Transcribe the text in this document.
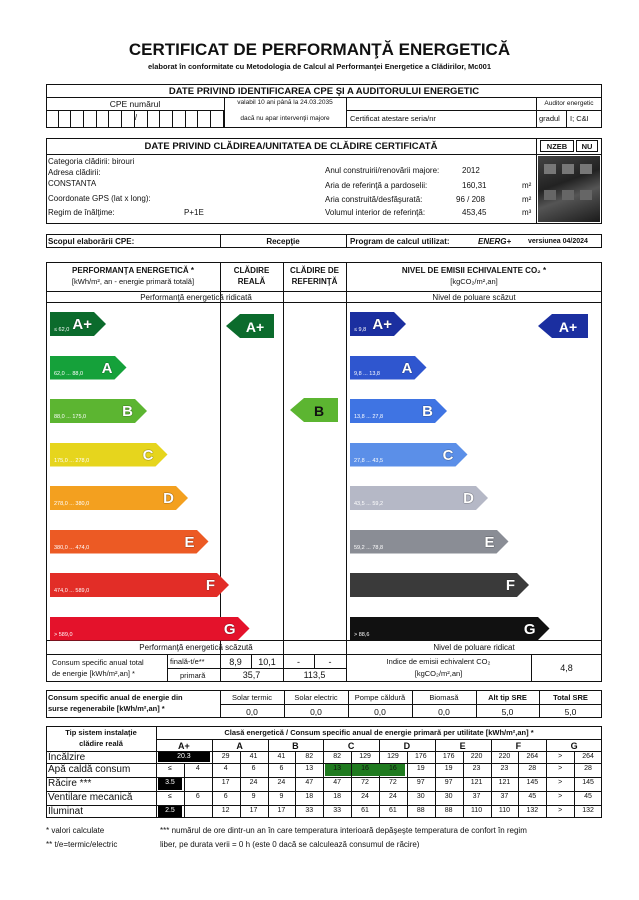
CERTIFICAT DE PERFORMANŢĂ ENERGETICĂ
elaborat în conformitate cu Metodologia de Calcul al Performanţei Energetice a Clădirilor, Mc001
DATE PRIVIND IDENTIFICAREA CPE ŞI A AUDITORULUI ENERGETIC
CPE numărul
/
valabil 10 ani până la 24.03.2035
dacă nu apar intervenţii majore	Certificat atestare seria/nr
Auditor energetic
gradul I; C&I
DATE PRIVIND CLĂDIREA/UNITATEA DE CLĂDIRE CERTIFICATĂ	NZEB	NU
Categoria clădirii: birouri
Adresa clădirii:
CONSTANTA
Coordonate GPS (lat x long):
Regim de înălţime:	P+1E
Anul construirii/renovării majore:	2012
Aria de referinţă a pardoselii:	160,31	m²
Aria construită/desfăşurată:	96 / 208	m²
Volumul interior de referinţă:	453,45	m³
Scopul elaborării CPE:	Recepţie	Program de calcul utilizat:	ENERG+ versiunea 04/2024
PERFORMANŢA ENERGETICĂ *
[kWh/m², an - energie primară totală]
CLĂDIRE
REALĂ
CLĂDIRE DE
REFERINŢĂ
NIVEL DE EMISII ECHIVALENTE CO₂ *
[kgCO₂/m²,an]
Performanţă energetică ridicată	Nivel de poluare scăzut
Performanţă energetică scăzută	Nivel de poluare ridicat
A+
≤ 62,0
A
62,0 ... 88,0
B
88,0 ... 175,0
C
175,0 ... 278,0
D
278,0 ... 380,0
E
380,0 ... 474,0
F
474,0 ... 589,0
G
> 589,0
A+
≤ 9,8
A
9,8 ... 13,8
B
13,8 ... 27,8
C
27,8 ... 43,5
D
43,5 ... 59,2
E
59,2 ... 78,8
F
G
> 88,6
A+
B
A+
Consum specific anual total
de energie [kWh/m²,an] *
finală-t/e**
primară
8,9	10,1	-	-
35,7	113,5
Indice de emisii echivalent CO₂
[kgCO₂/m²,an]
4,8
Consum specific anual de energie din
surse regenerabile [kWh/m²,an] *
Solar termic
0,0
Solar electric
0,0
Pompe căldură
0,0
Biomasă
0,0
Alt tip SRE
5,0
Total SRE
5,0
Tip sistem instalaţie
clădire reală
Clasă energetică / Consum specific anual de energie primară per utilitate [kWh/m²,an] *
A+	A	B	C	D	E	F	G
Încălzire	20.3	29	41	41	82	82	129	129	176	176	220	220	264	>	264
Apă caldă consum	≤	4	4	6	6	13	13	16	16	19	19	23	23	28	>	28
Răcire ***	3.5	17	17	24	24	47	47	72	72	97	97	121	121	145	>	145
Ventilare mecanică	≤	6	6	9	9	18	18	24	24	30	30	37	37	45	>	45
Iluminat	2.5	12	12	17	17	33	33	61	61	88	88	110	110	132	>	132
* valori calculate
** t/e=termic/electric
*** numărul de ore dintr-un an în care temperatura interioară depăşeşte temperatura de confort în regim
liber, pe durata verii = 0 h (este 0 dacă se calculează consumul de răcire)
